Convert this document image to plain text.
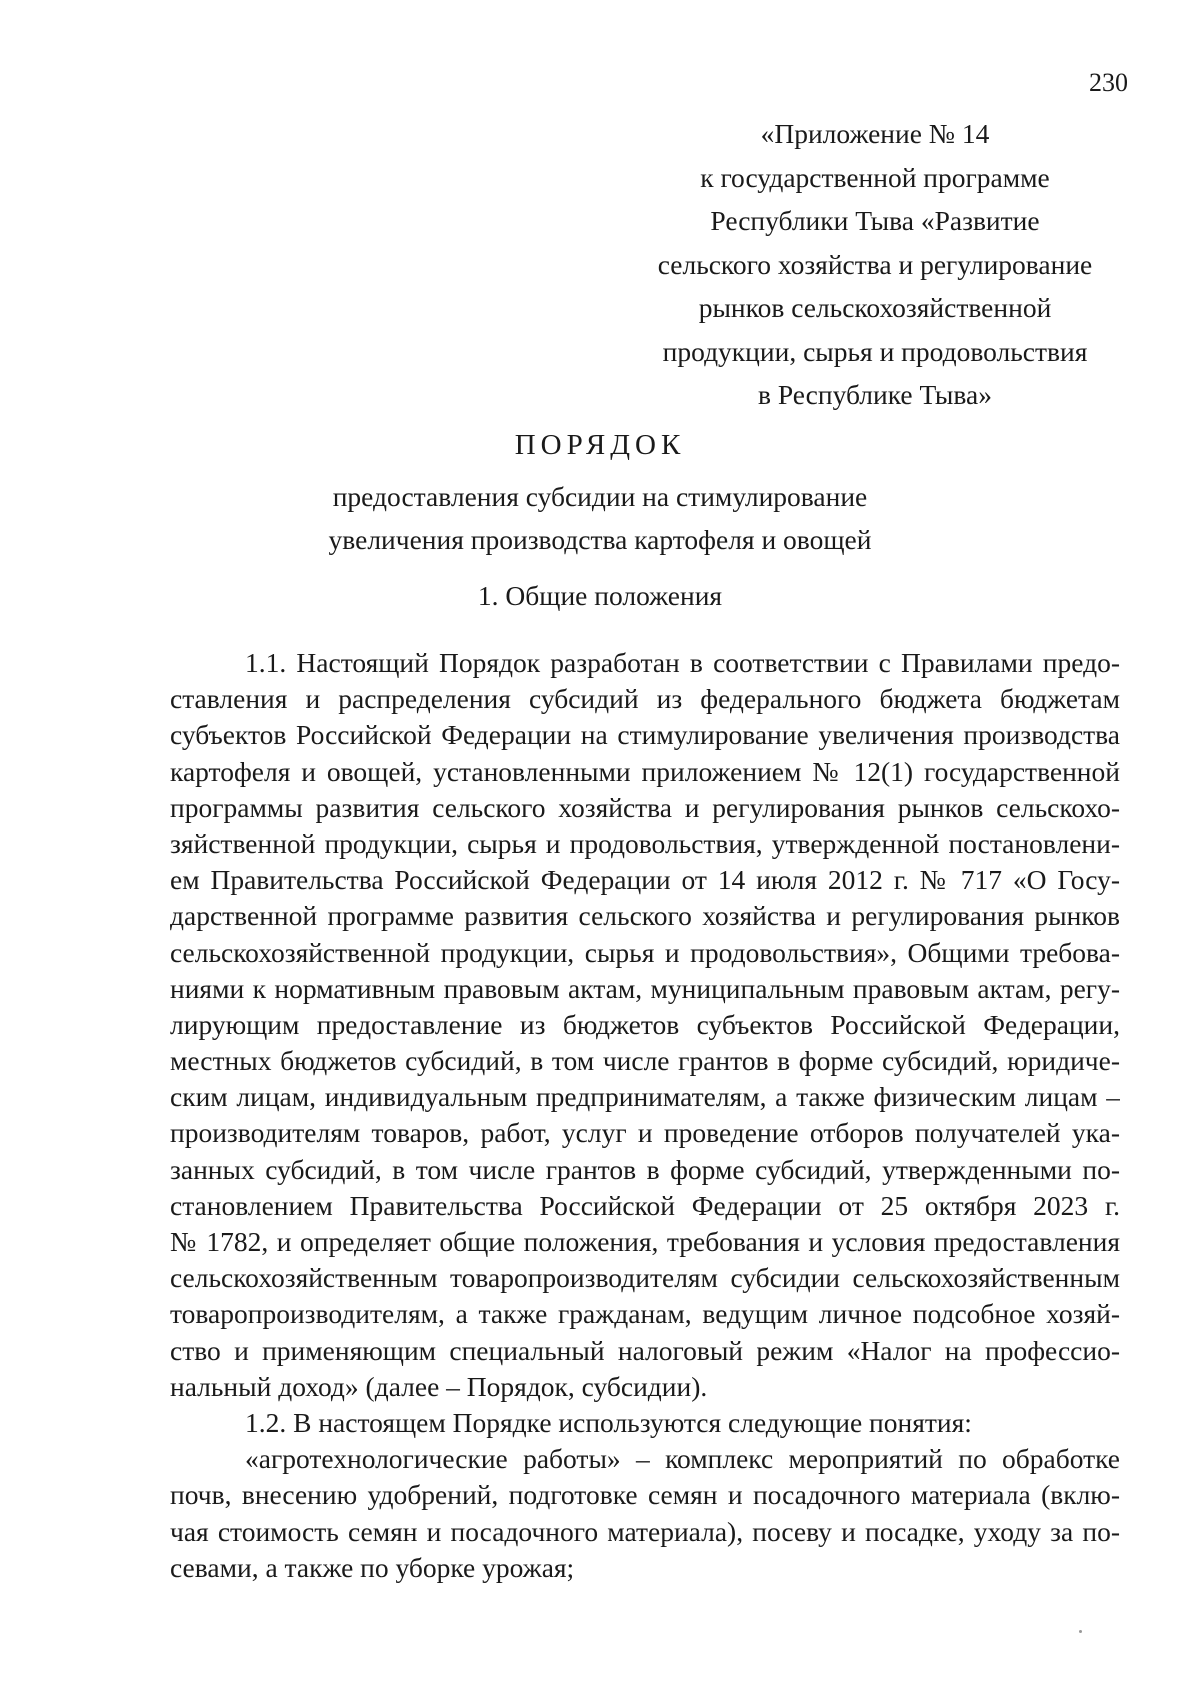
230
«Приложение № 14
к государственной программе
Республики Тыва «Развитие
сельского хозяйства и регулирование
рынков сельскохозяйственной
продукции, сырья и продовольствия
в Республике Тыва»
ПОРЯДОК
предоставления субсидии на стимулирование
увеличения производства картофеля и овощей
1. Общие положения
1.1. Настоящий Порядок разработан в соответствии с Правилами предо-
ставления и распределения субсидий из федерального бюджета бюджетам
субъектов Российской Федерации на стимулирование увеличения производства
картофеля и овощей, установленными приложением № 12(1) государственной
программы развития сельского хозяйства и регулирования рынков сельскохо-
зяйственной продукции, сырья и продовольствия, утвержденной постановлени-
ем Правительства Российской Федерации от 14 июля 2012 г. № 717 «О Госу-
дарственной программе развития сельского хозяйства и регулирования рынков
сельскохозяйственной продукции, сырья и продовольствия», Общими требова-
ниями к нормативным правовым актам, муниципальным правовым актам, регу-
лирующим предоставление из бюджетов субъектов Российской Федерации,
местных бюджетов субсидий, в том числе грантов в форме субсидий, юридиче-
ским лицам, индивидуальным предпринимателям, а также физическим лицам –
производителям товаров, работ, услуг и проведение отборов получателей ука-
занных субсидий, в том числе грантов в форме субсидий, утвержденными по-
становлением Правительства Российской Федерации от 25 октября 2023 г.
№ 1782, и определяет общие положения, требования и условия предоставления
сельскохозяйственным товаропроизводителям субсидии сельскохозяйственным
товаропроизводителям, а также гражданам, ведущим личное подсобное хозяй-
ство и применяющим специальный налоговый режим «Налог на профессио-
нальный доход» (далее – Порядок, субсидии).
1.2. В настоящем Порядке используются следующие понятия:
«агротехнологические работы» – комплекс мероприятий по обработке
почв, внесению удобрений, подготовке семян и посадочного материала (вклю-
чая стоимость семян и посадочного материала), посеву и посадке, уходу за по-
севами, а также по уборке урожая;
